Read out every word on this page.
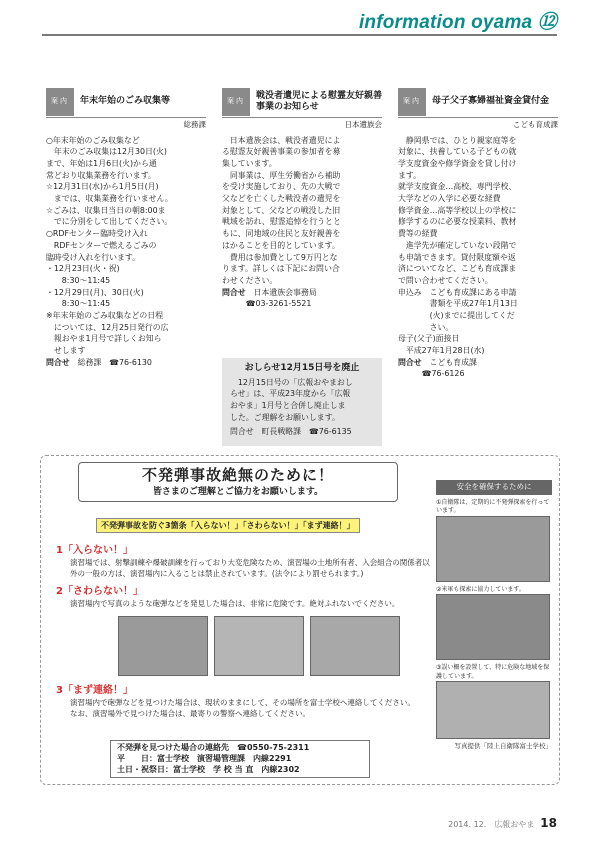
information oyama ⑫
案内	年末年始のごみ収集等
総務課
○年末年始のごみ収集など
　年末のごみ収集は12月30日(火)
まで、年始は1月6日(火)から通
常どおり収集業務を行います。
☆12月31日(水)から1月5日(月)
　までは、収集業務を行いません。
☆ごみは、収集日当日の朝8:00ま
　でに分別をして出してください。
○RDFセンター臨時受け入れ
　RDFセンターで燃えるごみの
臨時受け入れを行います。
・12月23日(火・祝)
　　8:30～11:45
・12月29日(月)、30日(火)
　　8:30～11:45
※年末年始のごみ収集などの日程
　については、12月25日発行の広
　報おやま1月号で詳しくお知ら
　せします
問合せ　 総務課　☎76-6130
案内	戦没者遺児による慰霊友好親善事業のお知らせ
日本遺族会
　日本遺族会は、戦没者遺児によ
る慰霊友好親善事業の参加者を募
集しています。
　同事業は、厚生労働省から補助
を受け実施しており、先の大戦で
父などを亡くした戦没者の遺児を
対象として、父などの戦没した旧
戦域を訪れ、慰霊追悼を行うとと
もに、同地域の住民と友好親善を
はかることを目的としています。
　費用は参加費として9万円とな
ります。詳しくは下記にお問い合
わせください。
問合せ　 日本遺族会事務局
　　　☎03-3261-5521
おしらせ12月15日号を廃止
　12月15日号の「広報おやまおし
らせ」は、平成23年度から「広報
おやま」1月号と合併し廃止しま
した。ご理解をお願いします。
問合せ　町長戦略課　☎76-6135
案内	母子父子寡婦福祉資金貸付金
こども育成課
　静岡県では、ひとり親家庭等を
対象に、扶養している子どもの就
学支度資金や修学資金を貸し付け
ます。
就学支度資金…高校、専門学校、
大学などの入学に必要な経費
修学資金…高等学校以上の学校に
修学するのに必要な授業料、教材
費等の経費
　進学先が確定していない段階で
も申請できます。貸付限度額や返
済についてなど、こども育成課ま
で問い合わせてください。
申込み　こども育成課にある申請
　　　　書類を平成27年1月13日
　　　　(火)までに提出してくだ
　　　　さい。
母子(父子)面接日
　平成27年1月28日(水)
問合せ　 こども育成課
　　　☎76-6126
不発弾事故絶無のために！
皆さまのご理解とご協力をお願いします。
不発弾事故を防ぐ3箇条「入らない！」「さわらない！」「まず連絡！」
1「入らない！」
演習場では、射撃訓練や爆破訓練を行っており大変危険なため、演習場の土地所有者、入会組合の関係者以外の一般の方は、演習場内に入ることは禁止されています。(法令により罰せられます。)
2「さわらない！」
演習場内で写真のような砲弾などを発見した場合は、非常に危険です。絶対ふれないでください。
3「まず連絡！」
演習場内で砲弾などを見つけた場合は、現状のままにして、その場所を富士学校へ連絡してください。
なお、演習場外で見つけた場合は、最寄りの警察へ連絡してください。
不発弾を見つけた場合の連絡先　☎0550-75-2311
平　　日：富士学校　演習場管理課　内線2291
土日・祝祭日：富士学校　学 校 当 直　内線2302
安全を確保するために
①自衛隊は、定期的に不発弾探索を行っています。
②米軍も探索に協力しています。
③誤い柵を設置して、特に危険な地域を保護しています。
写真提供「陸上自衛隊富士学校」
2014. 12.　広報おやま 18
